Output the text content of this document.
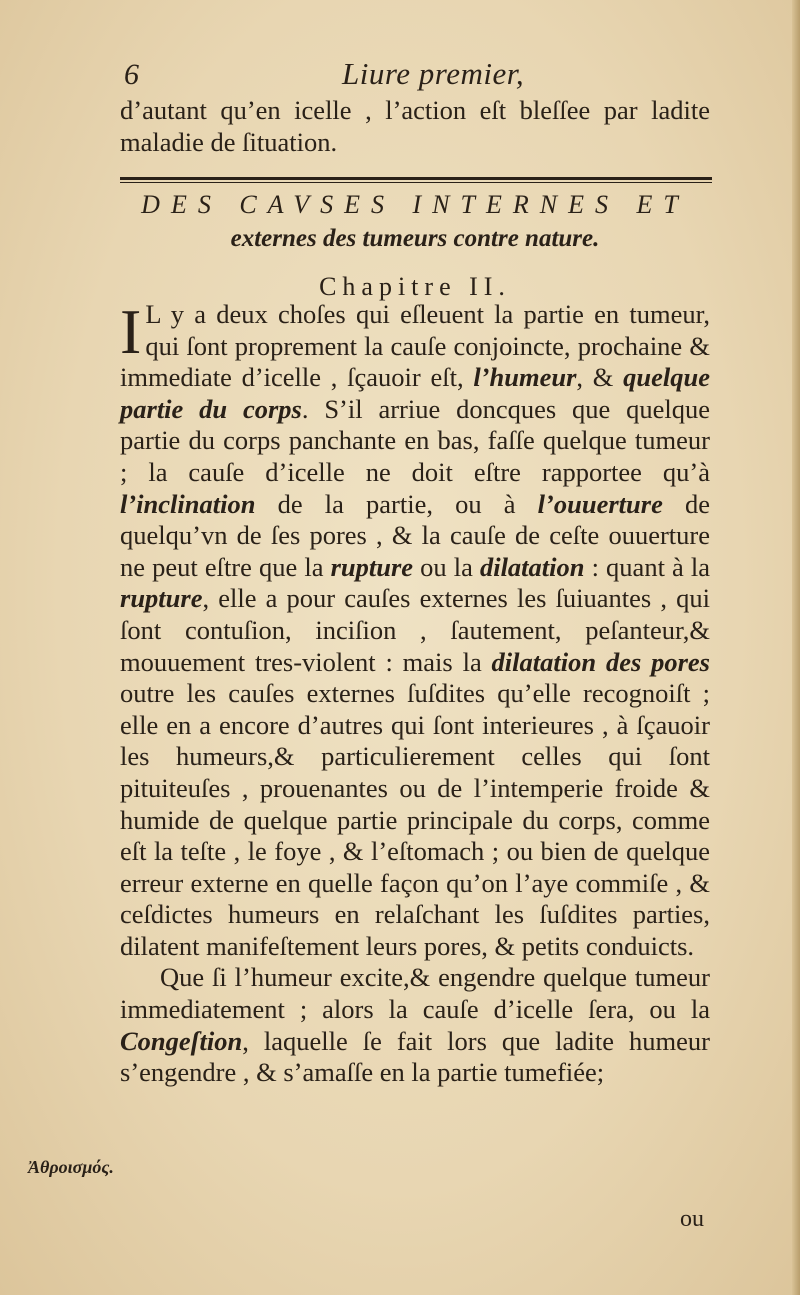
6	Liure premier,
d’autant qu’en icelle , l’action eſt bleſſee par ladite maladie de ſituation.
DES CAVSES INTERNES ET
externes des tumeurs contre nature.
Chapitre II.

I L y a deux choſes qui eſleuent la partie en tumeur, qui ſont proprement la cauſe conjoincte, prochaine & immediate d’icelle , ſçauoir eſt, l’humeur, & quelque partie du corps. S’il arriue doncques que quelque partie du corps panchante en bas, faſſe quelque tumeur ; la cauſe d’icelle ne doit eſtre rapportee qu’à l’inclination de la partie, ou à l’ouuerture de quelqu’vn de ſes pores , & la cauſe de ceſte ouuerture ne peut eſtre que la rupture ou la dilatation : quant à la rupture, elle a pour cauſes externes les ſuiuantes , qui ſont contuſion, inciſion , ſautement, peſanteur,& mouuement tres-violent : mais la dilatation des pores outre les cauſes externes ſuſdites qu’elle recognoiſt ; elle en a encore d’autres qui ſont interieures , à ſçauoir les humeurs,& particulierement celles qui ſont pituiteuſes , prouenantes ou de l’intemperie froide & humide de quelque partie principale du corps, comme eſt la teſte , le foye , & l’eſtomach ; ou bien de quelque erreur externe en quelle façon qu’on l’aye commiſe , & ceſdictes humeurs en relaſchant les ſuſdites parties, dilatent manifeſtement leurs pores, & petits conduicts.

Que ſi l’humeur excite,& engendre quelque tumeur immediatement ; alors la cauſe d’icelle ſera, ou la Congeſtion, laquelle ſe fait lors que ladite humeur s’engendre , & s’amaſſe en la partie tumefiée;

Ἀθροισμός.
ou
